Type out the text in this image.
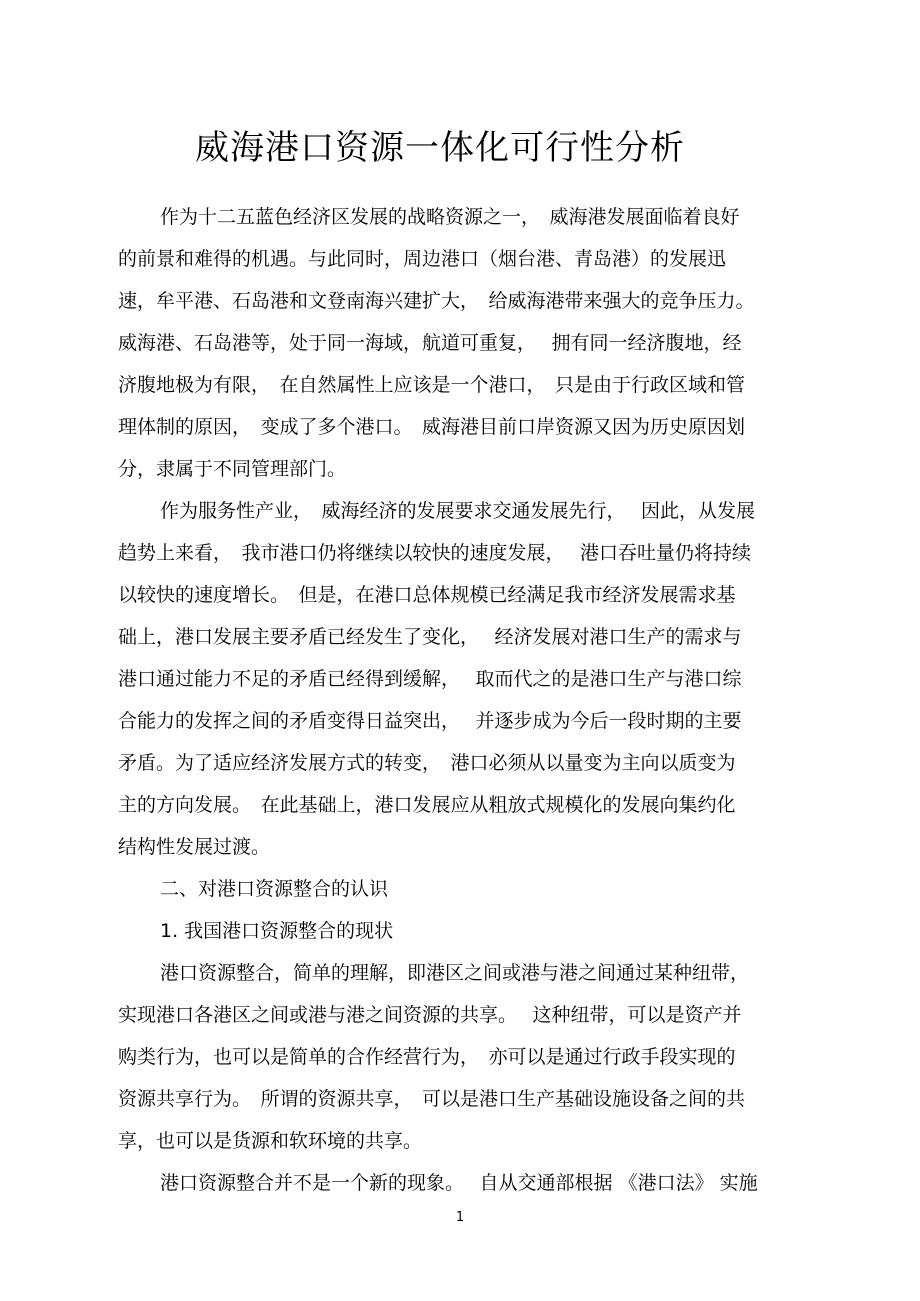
威海港口资源一体化可行性分析
作为十二五蓝色经济区发展的战略资源之一，　威海港发展面临着良好
的前景和难得的机遇。与此同时，周边港口（烟台港、青岛港）的发展迅
速，牟平港、石岛港和文登南海兴建扩大，　给威海港带来强大的竞争压力。
威海港、石岛港等，处于同一海域，航道可重复，　 拥有同一经济腹地，经
济腹地极为有限，　在自然属性上应该是一个港口，　只是由于行政区域和管
理体制的原因，　变成了多个港口。　威海港目前口岸资源又因为历史原因划
分，隶属于不同管理部门。
作为服务性产业，　威海经济的发展要求交通发展先行，　 因此，从发展
趋势上来看，　我市港口仍将继续以较快的速度发展，　 港口吞吐量仍将持续
以较快的速度增长。　但是，在港口总体规模已经满足我市经济发展需求基
础上，港口发展主要矛盾已经发生了变化，　 经济发展对港口生产的需求与
港口通过能力不足的矛盾已经得到缓解，　 取而代之的是港口生产与港口综
合能力的发挥之间的矛盾变得日益突出，　 并逐步成为今后一段时期的主要
矛盾。为了适应经济发展方式的转变，　港口必须从以量变为主向以质变为
主的方向发展。　在此基础上，港口发展应从粗放式规模化的发展向集约化
结构性发展过渡。
二、对港口资源整合的认识
1. 我国港口资源整合的现状
港口资源整合，简单的理解，即港区之间或港与港之间通过某种纽带，
实现港口各港区之间或港与港之间资源的共享。　 这种纽带，可以是资产并
购类行为，也可以是简单的合作经营行为，　亦可以是通过行政手段实现的
资源共享行为。　所谓的资源共享，　可以是港口生产基础设施设备之间的共
享，也可以是货源和软环境的共享。
港口资源整合并不是一个新的现象。　 自从交通部根据 《港口法》 实施
1
